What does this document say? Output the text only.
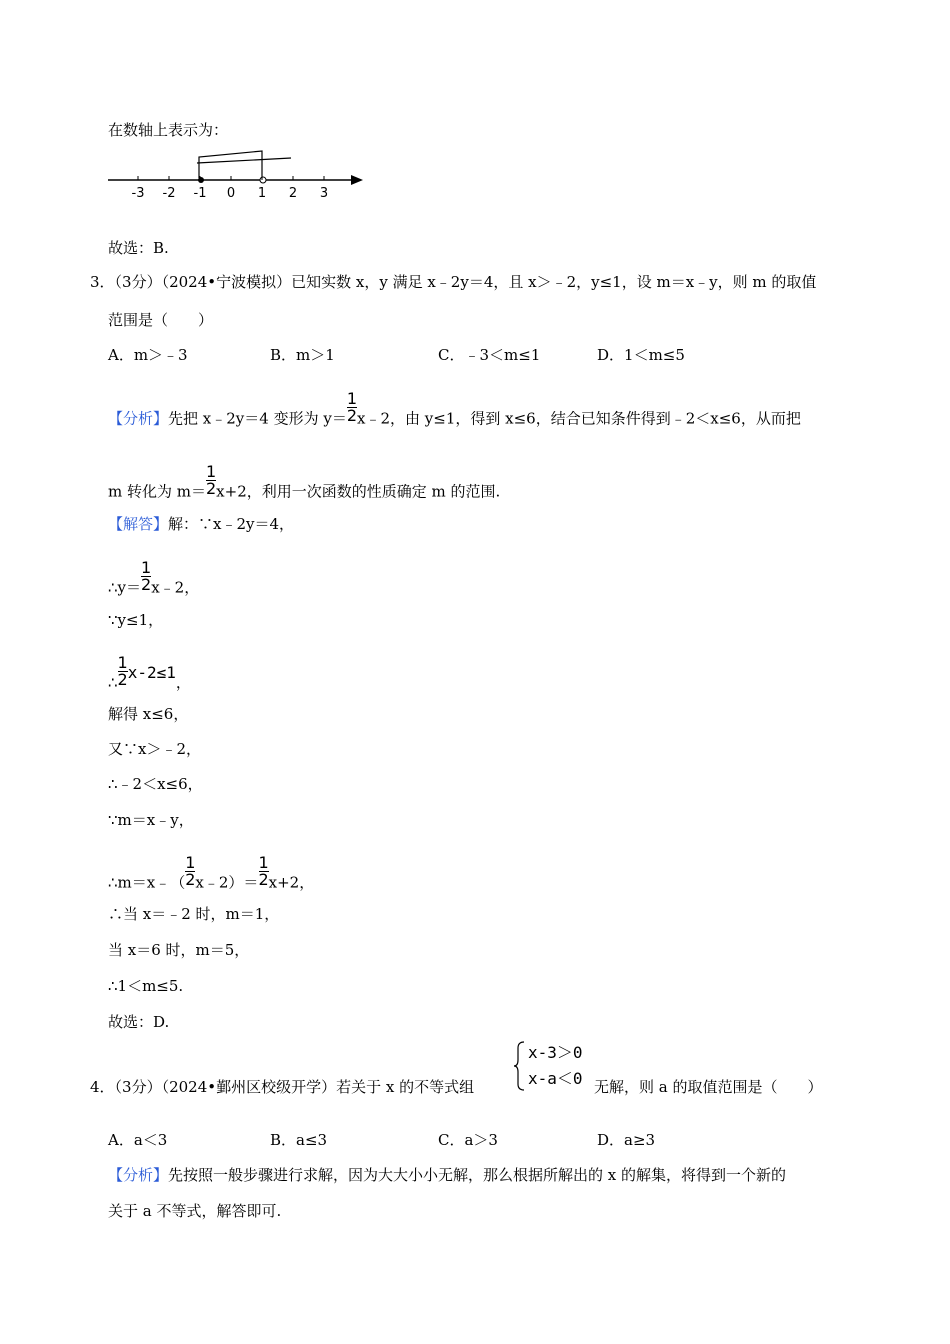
在数轴上表示为：
-3 -2 -1 0 1 2 3
故选：B.
3．（3分）（2024•宁波模拟）已知实数 x，y 满足 x﹣2y＝4，且 x＞﹣2，y≤1，设 m＝x﹣y，则 m 的取值
范围是（　　）
A．m＞﹣3	B．m＞1	C．﹣3＜m≤1	D．1＜m≤5
【分析】先把 x﹣2y＝4 变形为 $y= \frac{1}{2}$ x﹣2，由 y≤1，得到 x≤6，结合已知条件得到﹣2＜x≤6，从而把
m 转化为 $m= \frac{1}{2} x+2$，利用一次函数的性质确定 m 的范围.
【解答】解：∵x﹣2y＝4，
∴y＝ $\frac{1}{2}$ x﹣2，
∵y≤1，
∴ $\frac{1}{2} x-2\le 1$，
解得 x≤6，
又∵x＞﹣2，
∴﹣2＜x≤6，
∵m＝x﹣y，
∴m＝x﹣（ $\frac{1}{2}$ x﹣2）＝ $\frac{1}{2} x+2$，
∴当 x＝﹣2 时，m＝1，
当 x＝6 时，m＝5，
∴1＜m≤5.
故选：D.
4．（3分）（2024•鄞州区校级开学）若关于 x 的不等式组
x-3＞0
x-a＜0 无解，则 a 的取值范围是（　　）
A．a＜3	B．a≤3	C．a＞3	D．a≥3
【分析】先按照一般步骤进行求解，因为大大小小无解，那么根据所解出的 x 的解集，将得到一个新的
关于 a 不等式，解答即可.
